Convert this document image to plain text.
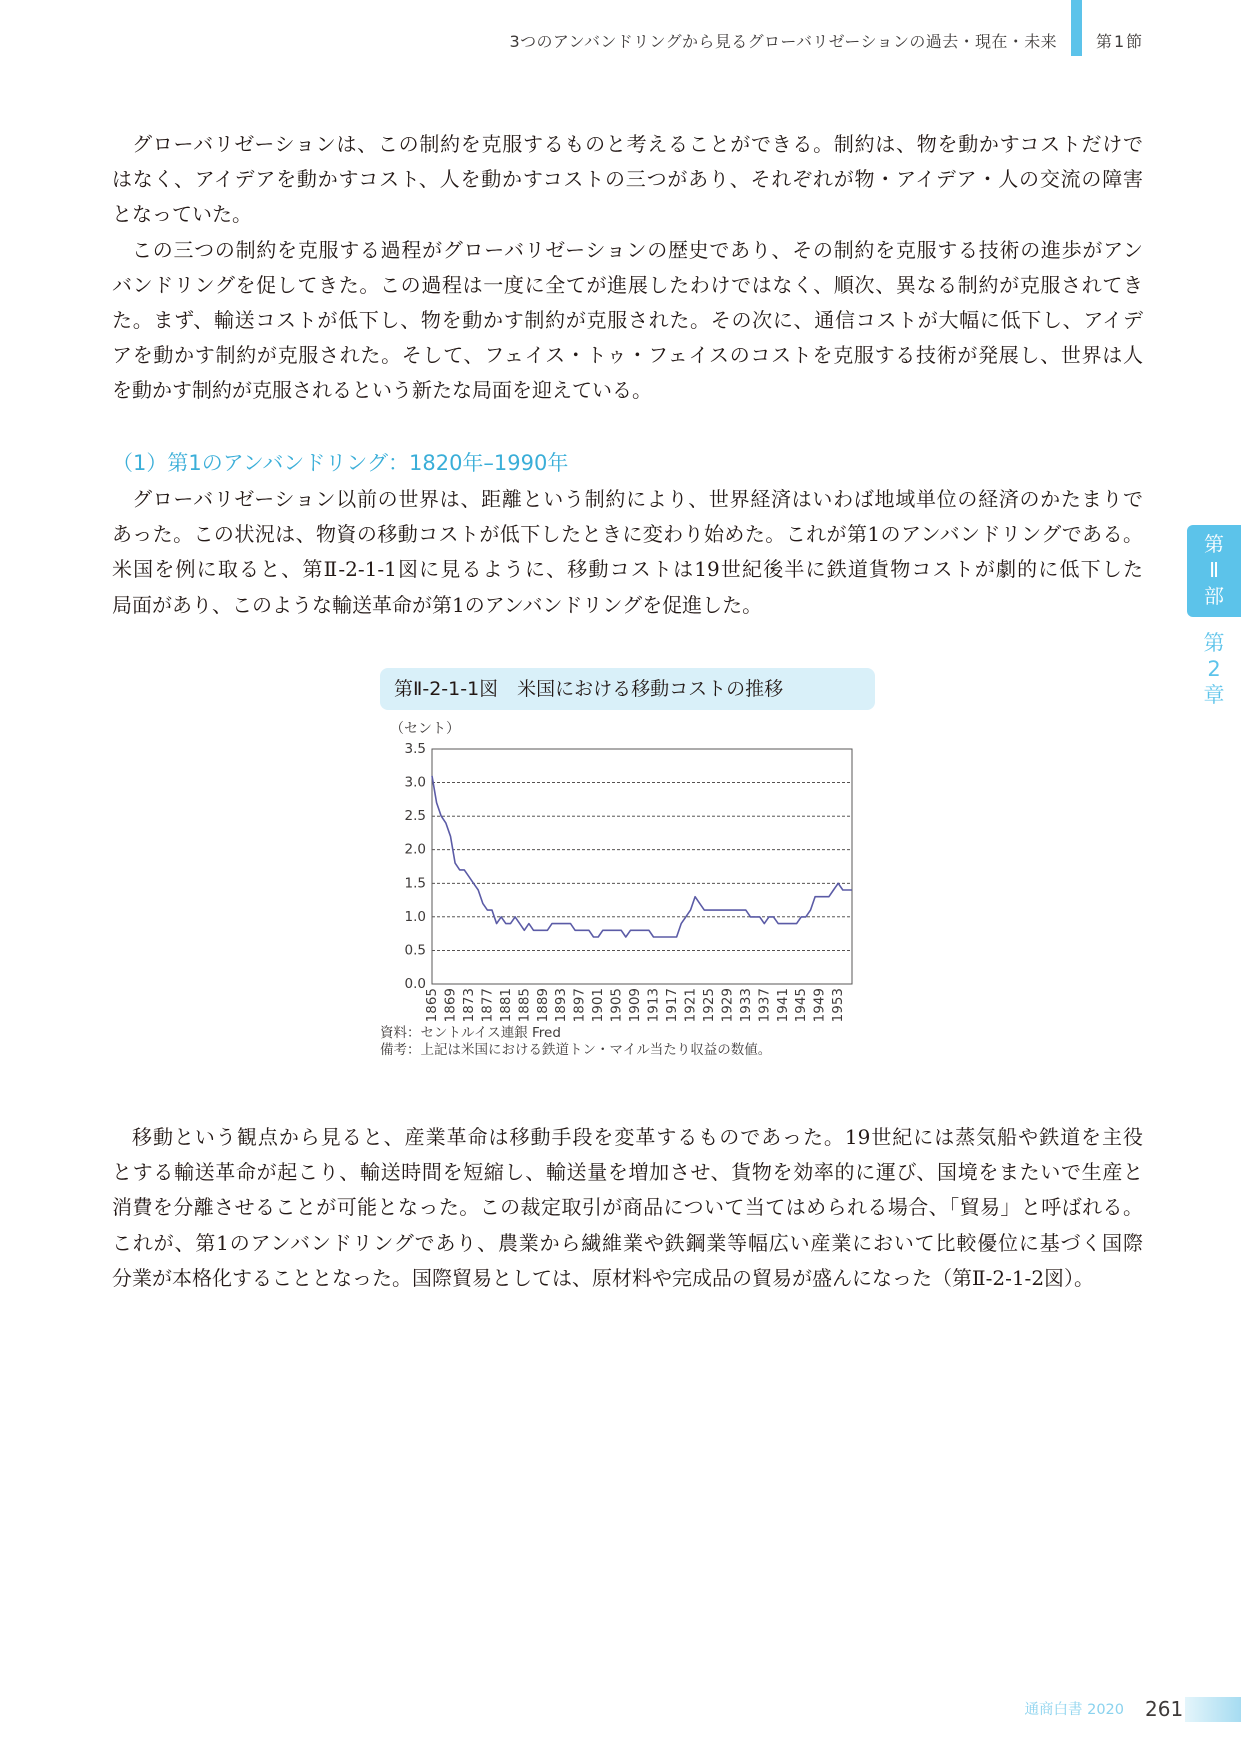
3つのアンバンドリングから見るグローバリゼーションの過去・現在・未来 第1節
グローバリゼーションは、この制約を克服するものと考えることができる。制約は、物を動かすコストだけで
はなく、アイデアを動かすコスト、人を動かすコストの三つがあり、それぞれが物・アイデア・人の交流の障害
となっていた。
この三つの制約を克服する過程がグローバリゼーションの歴史であり、その制約を克服する技術の進歩がアン
バンドリングを促してきた。この過程は一度に全てが進展したわけではなく、順次、異なる制約が克服されてき
た。まず、輸送コストが低下し、物を動かす制約が克服された。その次に、通信コストが大幅に低下し、アイデ
アを動かす制約が克服された。そして、フェイス・トゥ・フェイスのコストを克服する技術が発展し、世界は人
を動かす制約が克服されるという新たな局面を迎えている。
（1）第1のアンバンドリング：1820年–1990年
グローバリゼーション以前の世界は、距離という制約により、世界経済はいわば地域単位の経済のかたまりで
あった。この状況は、物資の移動コストが低下したときに変わり始めた。これが第1のアンバンドリングである。
米国を例に取ると、第Ⅱ-2-1-1図に見るように、移動コストは19世紀後半に鉄道貨物コストが劇的に低下した
局面があり、このような輸送革命が第1のアンバンドリングを促進した。
第Ⅱ-2-1-1図　米国における移動コストの推移
（セント）
0.0
0.5
1.0
1.5
2.0
2.5
3.0
3.5
1865 1869 1873 1877 1881 1885 1889 1893 1897 1901 1905 1909 1913 1917 1921 1925 1929 1933 1937 1941 1945 1949 1953
資料：セントルイス連銀 Fred
備考：上記は米国における鉄道トン・マイル当たり収益の数値。
移動という観点から見ると、産業革命は移動手段を変革するものであった。19世紀には蒸気船や鉄道を主役
とする輸送革命が起こり、輸送時間を短縮し、輸送量を増加させ、貨物を効率的に運び、国境をまたいで生産と
消費を分離させることが可能となった。この裁定取引が商品について当てはめられる場合、「貿易」と呼ばれる。
これが、第1のアンバンドリングであり、農業から繊維業や鉄鋼業等幅広い産業において比較優位に基づく国際
分業が本格化することとなった。国際貿易としては、原材料や完成品の貿易が盛んになった（第Ⅱ-2-1-2図）。
第
Ⅱ
部
第
2
章
通商白書 2020 261
